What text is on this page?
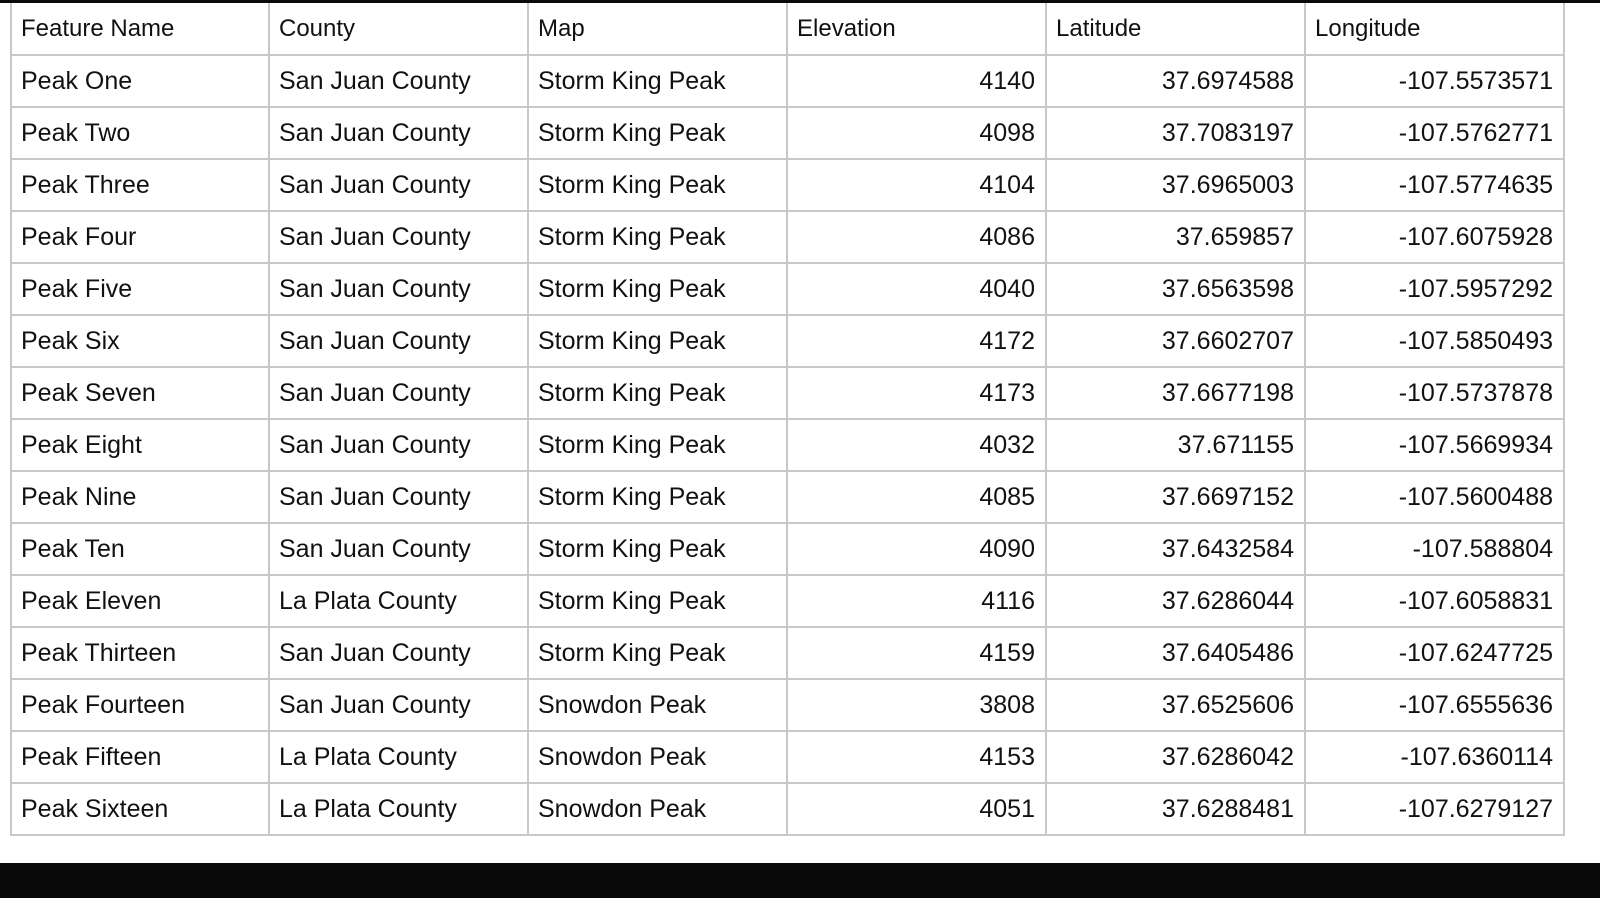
Feature Name	County	Map	Elevation	Latitude	Longitude
Peak One	San Juan County	Storm King Peak	4140	37.6974588	-107.5573571
Peak Two	San Juan County	Storm King Peak	4098	37.7083197	-107.5762771
Peak Three	San Juan County	Storm King Peak	4104	37.6965003	-107.5774635
Peak Four	San Juan County	Storm King Peak	4086	37.659857	-107.6075928
Peak Five	San Juan County	Storm King Peak	4040	37.6563598	-107.5957292
Peak Six	San Juan County	Storm King Peak	4172	37.6602707	-107.5850493
Peak Seven	San Juan County	Storm King Peak	4173	37.6677198	-107.5737878
Peak Eight	San Juan County	Storm King Peak	4032	37.671155	-107.5669934
Peak Nine	San Juan County	Storm King Peak	4085	37.6697152	-107.5600488
Peak Ten	San Juan County	Storm King Peak	4090	37.6432584	-107.588804
Peak Eleven	La Plata County	Storm King Peak	4116	37.6286044	-107.6058831
Peak Thirteen	San Juan County	Storm King Peak	4159	37.6405486	-107.6247725
Peak Fourteen	San Juan County	Snowdon Peak	3808	37.6525606	-107.6555636
Peak Fifteen	La Plata County	Snowdon Peak	4153	37.6286042	-107.6360114
Peak Sixteen	La Plata County	Snowdon Peak	4051	37.6288481	-107.6279127
